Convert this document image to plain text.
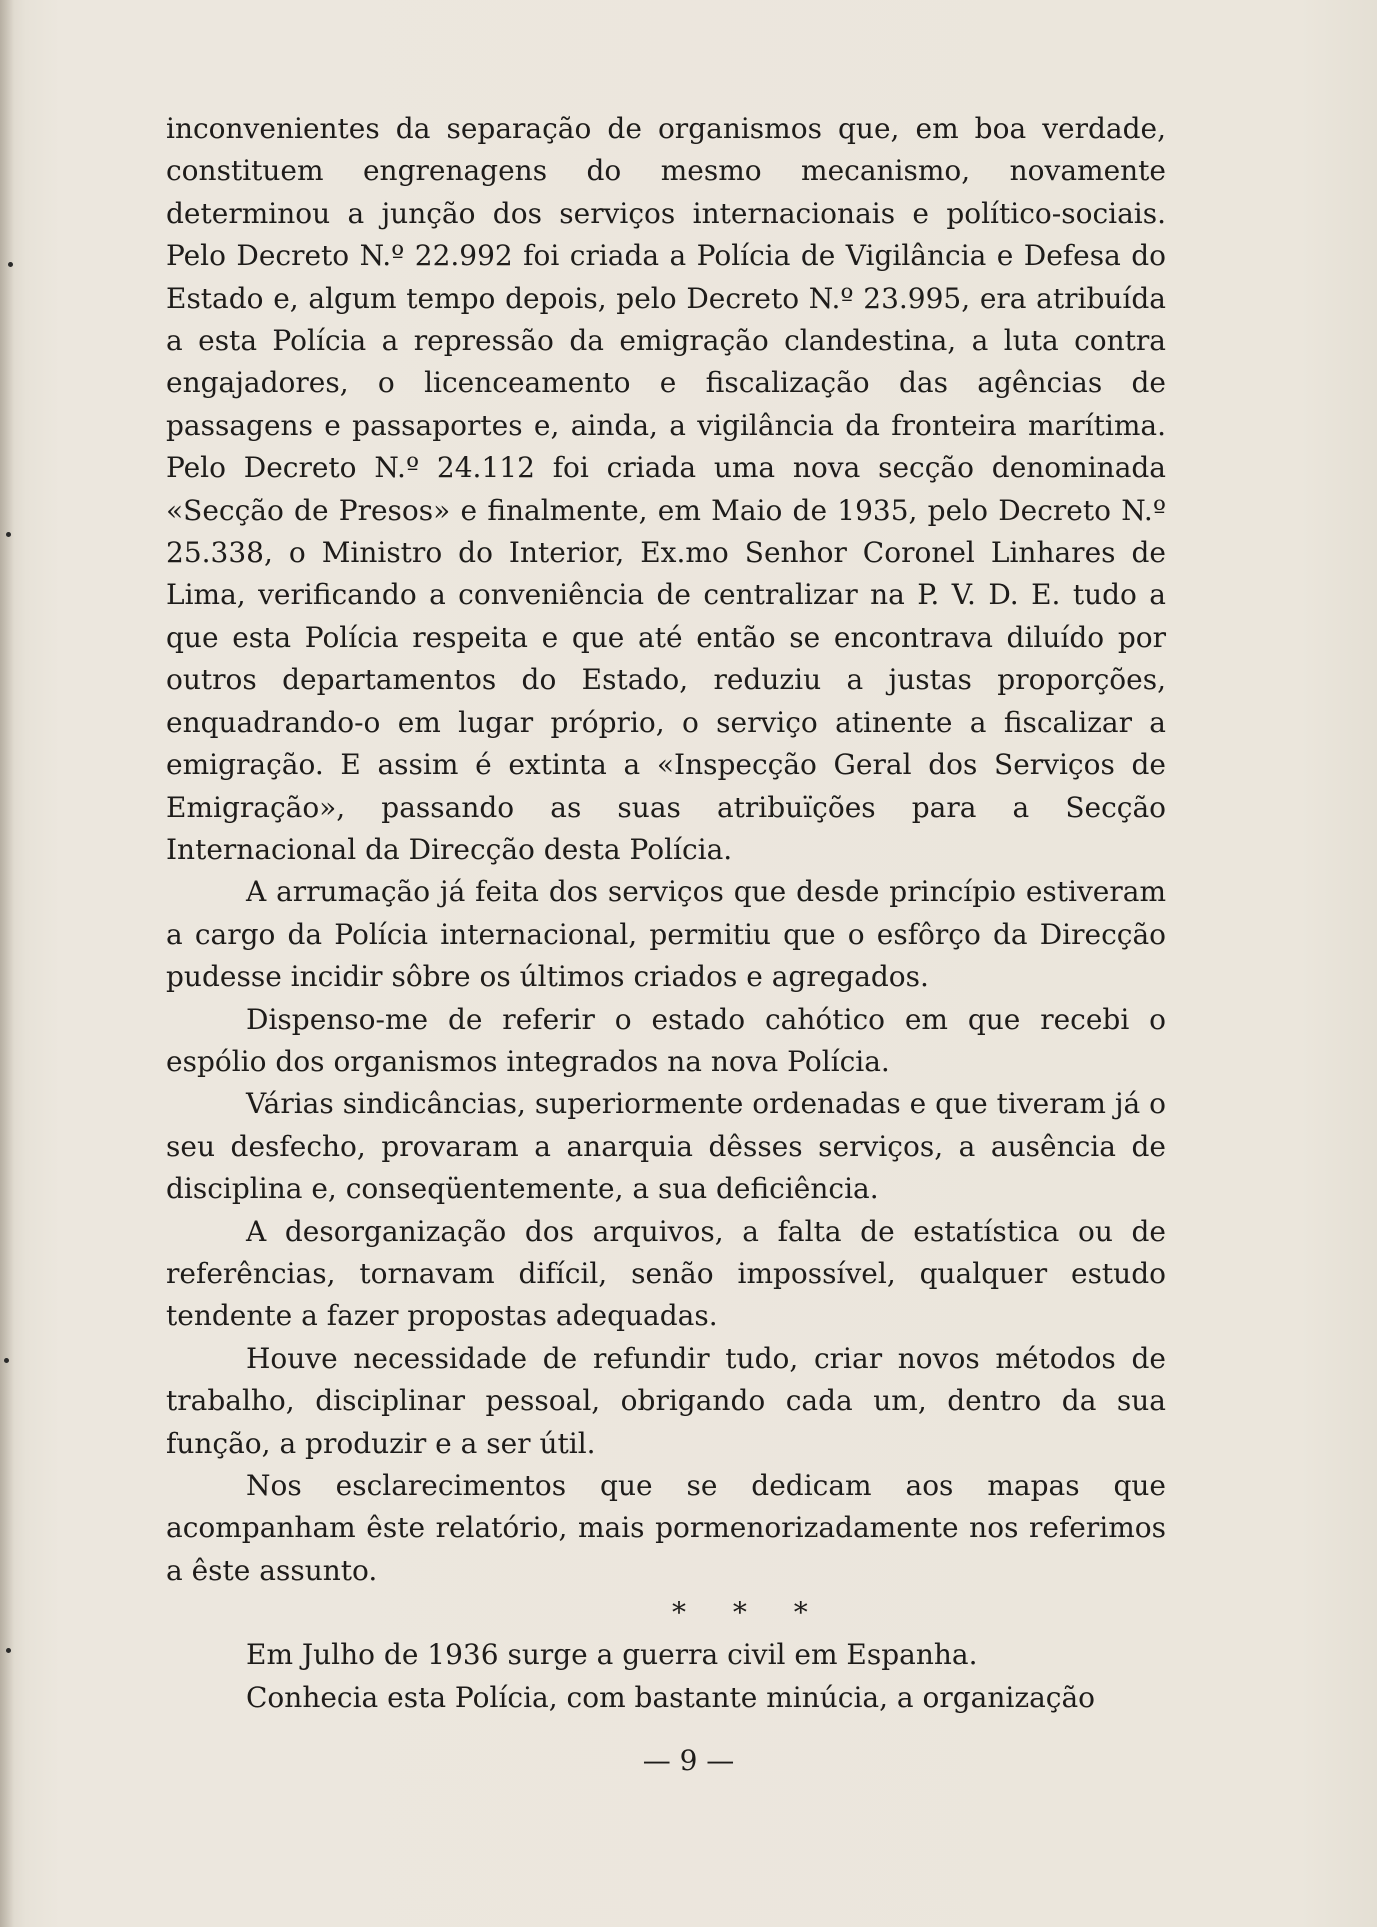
inconvenientes da separação de organismos que, em boa verdade, constituem engrenagens do mesmo mecanismo, novamente determinou a junção dos serviços internacionais e político-sociais. Pelo Decreto N.º 22.992 foi criada a Polícia de Vigilância e Defesa do Estado e, algum tempo depois, pelo Decreto N.º 23.995, era atribuída a esta Polícia a repressão da emigração clandestina, a luta contra engajadores, o licenceamento e fiscalização das agências de passagens e passaportes e, ainda, a vigilância da fronteira marítima. Pelo Decreto N.º 24.112 foi criada uma nova secção denominada «Secção de Presos» e finalmente, em Maio de 1935, pelo Decreto N.º 25.338, o Ministro do Interior, Ex.mo Senhor Coronel Linhares de Lima, verificando a conveniência de centralizar na P. V. D. E. tudo a que esta Polícia respeita e que até então se encontrava diluído por outros departamentos do Estado, reduziu a justas proporções, enquadrando-o em lugar próprio, o serviço atinente a fiscalizar a emigração. E assim é extinta a «Inspecção Geral dos Serviços de Emigração», passando as suas atribuïções para a Secção Internacional da Direcção desta Polícia.

A arrumação já feita dos serviços que desde princípio estiveram a cargo da Polícia internacional, permitiu que o esfôrço da Direcção pudesse incidir sôbre os últimos criados e agregados.

Dispenso-me de referir o estado cahótico em que recebi o espólio dos organismos integrados na nova Polícia.

Várias sindicâncias, superiormente ordenadas e que tiveram já o seu desfecho, provaram a anarquia dêsses serviços, a ausência de disciplina e, conseqüentemente, a sua deficiência.

A desorganização dos arquivos, a falta de estatística ou de referências, tornavam difícil, senão impossível, qualquer estudo tendente a fazer propostas adequadas.

Houve necessidade de refundir tudo, criar novos métodos de trabalho, disciplinar pessoal, obrigando cada um, dentro da sua função, a produzir e a ser útil.

Nos esclarecimentos que se dedicam aos mapas que acompanham êste relatório, mais pormenorizadamente nos referimos a êste assunto.

* * *

Em Julho de 1936 surge a guerra civil em Espanha.

Conhecia esta Polícia, com bastante minúcia, a organização

— 9 —
